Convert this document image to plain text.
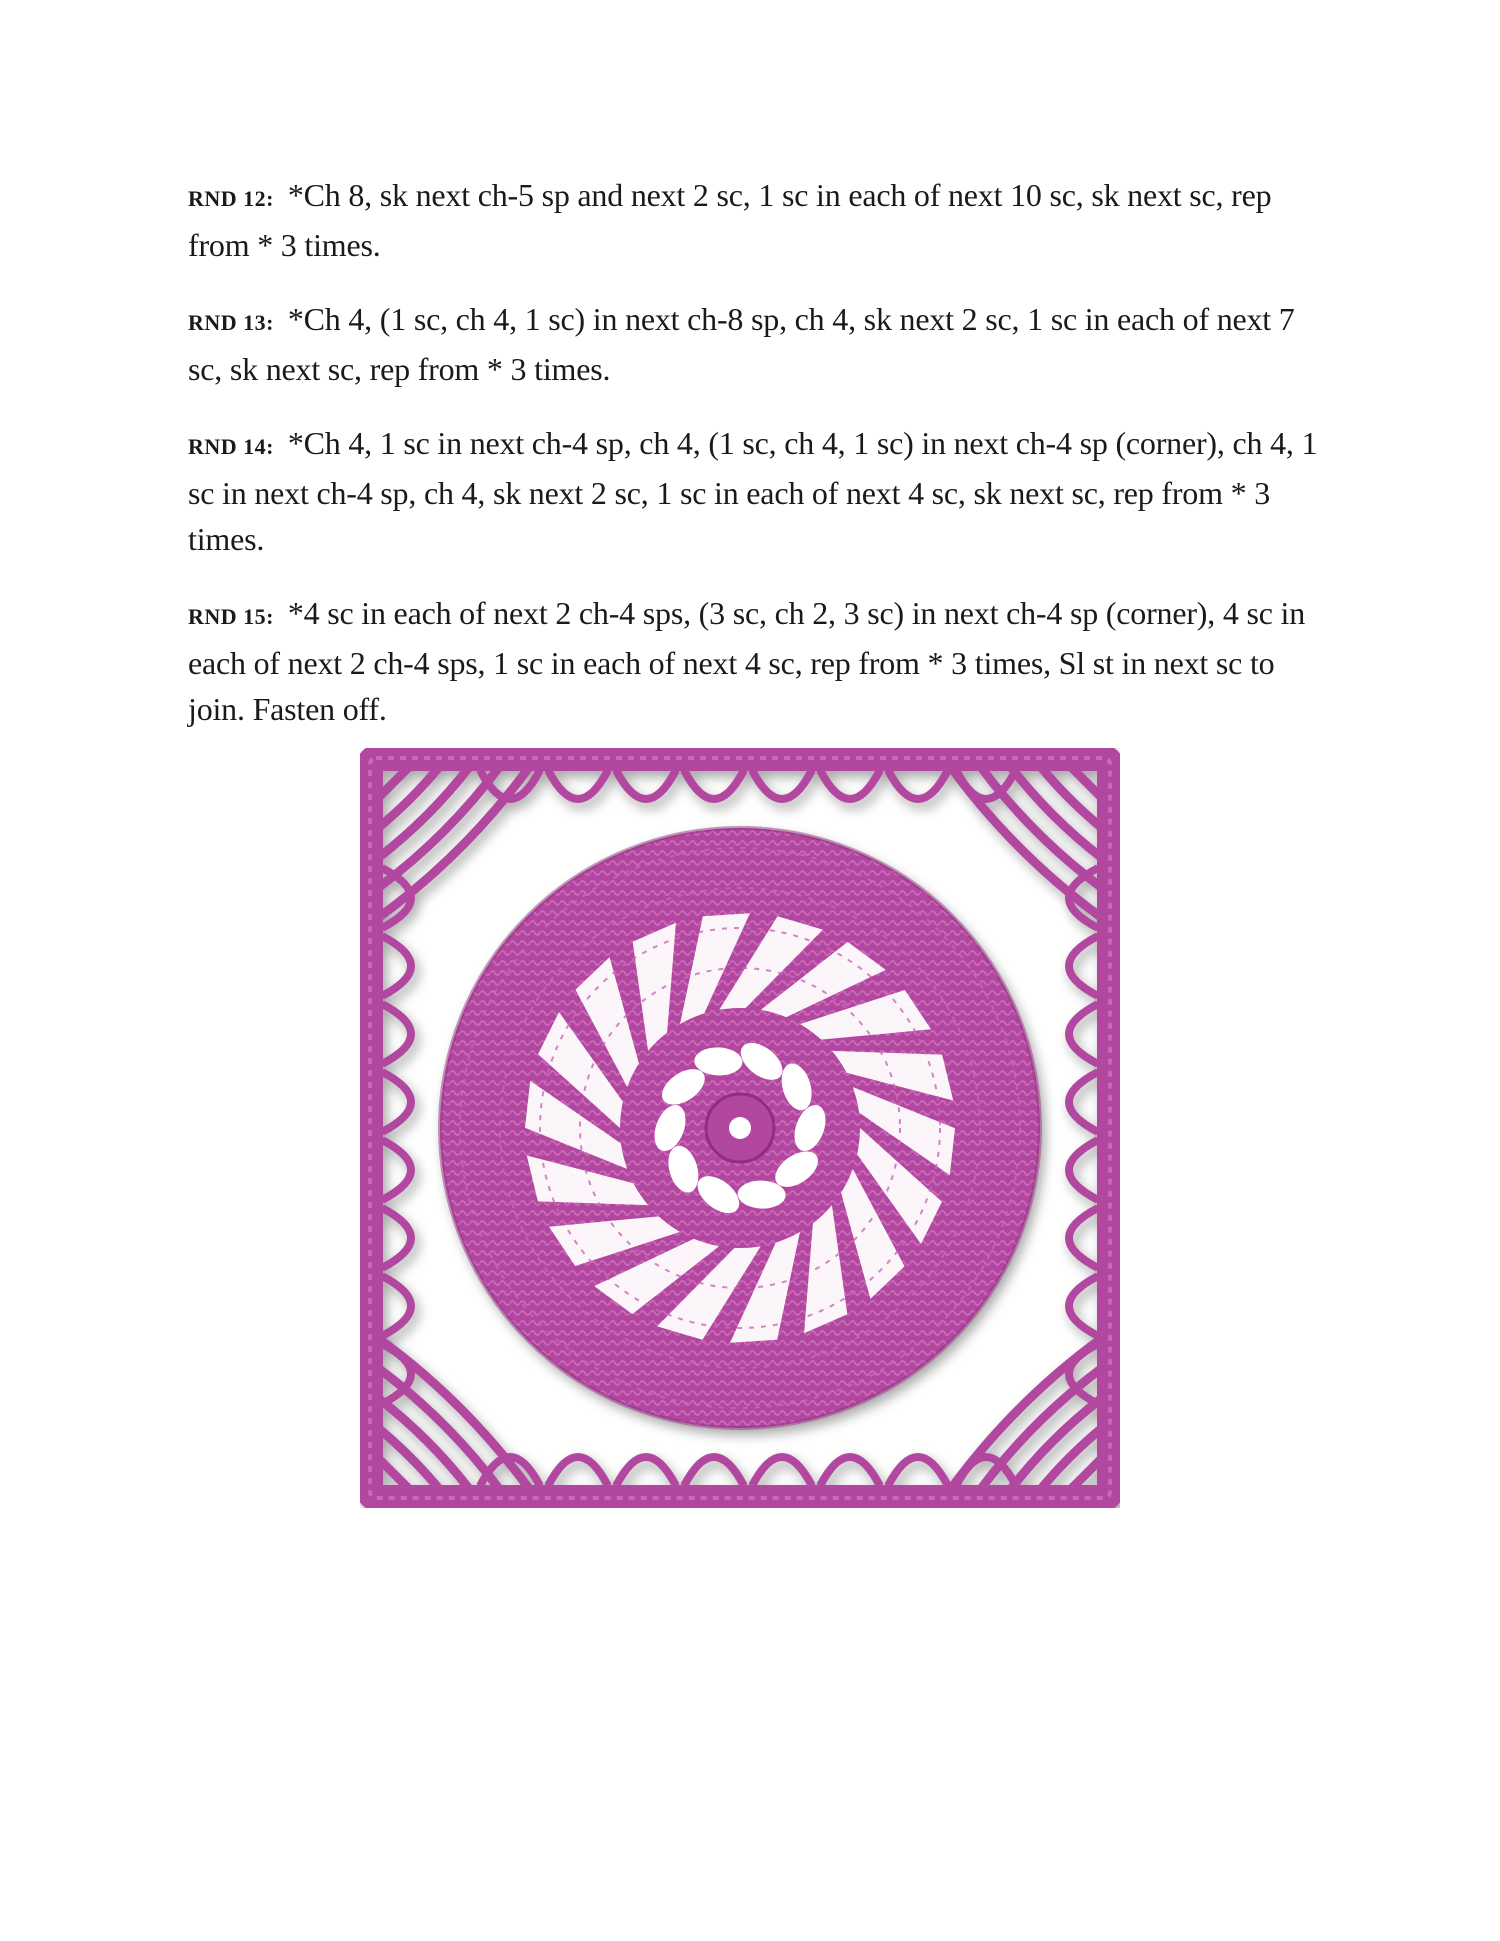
RND 12: *Ch 8, sk next ch-5 sp and next 2 sc, 1 sc in each of next 10 sc, sk next sc, rep from * 3 times.

RND 13: *Ch 4, (1 sc, ch 4, 1 sc) in next ch-8 sp, ch 4, sk next 2 sc, 1 sc in each of next 7 sc, sk next sc, rep from * 3 times.

RND 14: *Ch 4, 1 sc in next ch-4 sp, ch 4, (1 sc, ch 4, 1 sc) in next ch-4 sp (corner), ch 4, 1 sc in next ch-4 sp, ch 4, sk next 2 sc, 1 sc in each of next 4 sc, sk next sc, rep from * 3 times.

RND 15: *4 sc in each of next 2 ch-4 sps, (3 sc, ch 2, 3 sc) in next ch-4 sp (corner), 4 sc in each of next 2 ch-4 sps, 1 sc in each of next 4 sc, rep from * 3 times, Sl st in next sc to join. Fasten off.
